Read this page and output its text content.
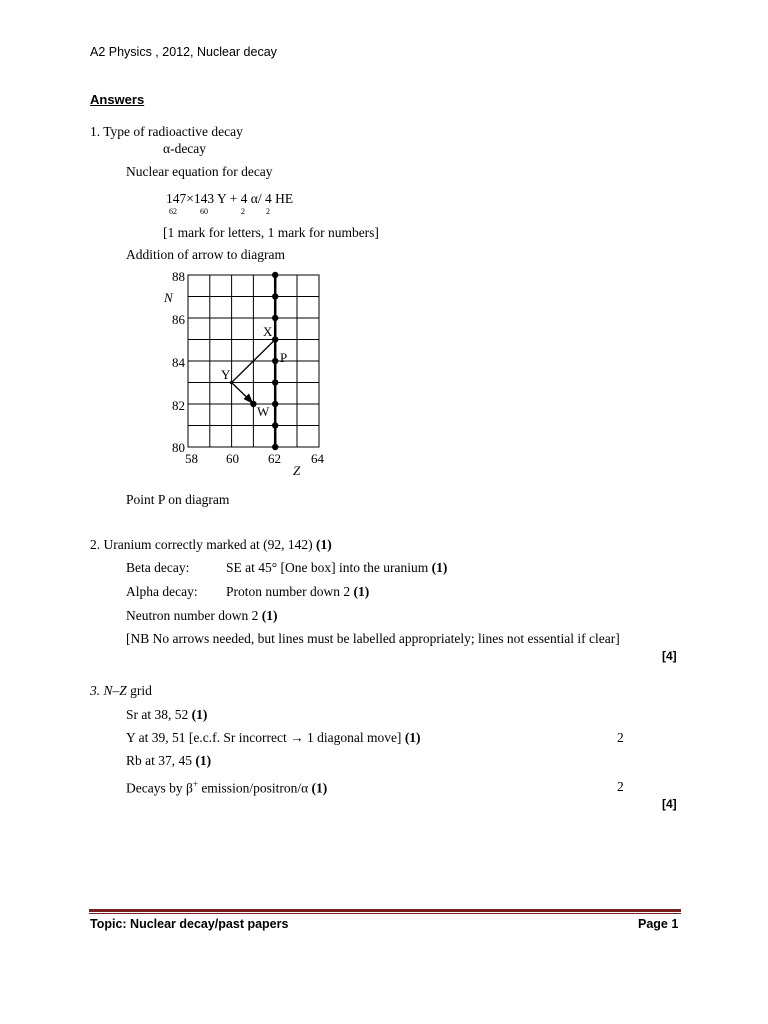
A2 Physics , 2012, Nuclear decay
Answers
1. Type of radioactive decay
α-decay
Nuclear equation for decay
147×143 Y + 4 α/ 4 HE
62	60	2	2
[1 mark for letters, 1 mark for numbers]
Addition of arrow to diagram
88
86
84
82
80
N
58 60 62 64
Z
X
P
Y
W
Point P on diagram
2. Uranium correctly marked at (92, 142) (1)
Beta decay:	SE at 45° [One box] into the uranium (1)
Alpha decay: Proton number down 2 (1)
Neutron number down 2 (1)
[NB No arrows needed, but lines must be labelled appropriately; lines not essential if clear]
[4]
3. N–Z grid
Sr at 38, 52 (1)
Y at 39, 51 [e.c.f. Sr incorrect → 1 diagonal move] (1)	2
Rb at 37, 45 (1)
Decays by β+ emission/positron/α (1)	2
[4]
Topic: Nuclear decay/past papers	Page 1
